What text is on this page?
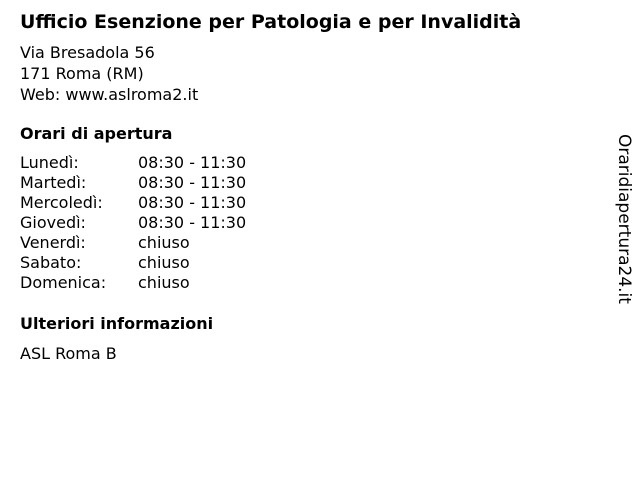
Ufficio Esenzione per Patologia e per Invalidità
Via Bresadola 56
171 Roma (RM)
Web: www.aslroma2.it
Orari di apertura
Lunedì:	08:30 - 11:30
Martedì:	08:30 - 11:30
Mercoledì: 08:30 - 11:30
Giovedì:	08:30 - 11:30
Venerdì:	chiuso
Sabato:	chiuso
Domenica: chiuso
Ulteriori informazioni
ASL Roma B
Oraridiapertura24.it
